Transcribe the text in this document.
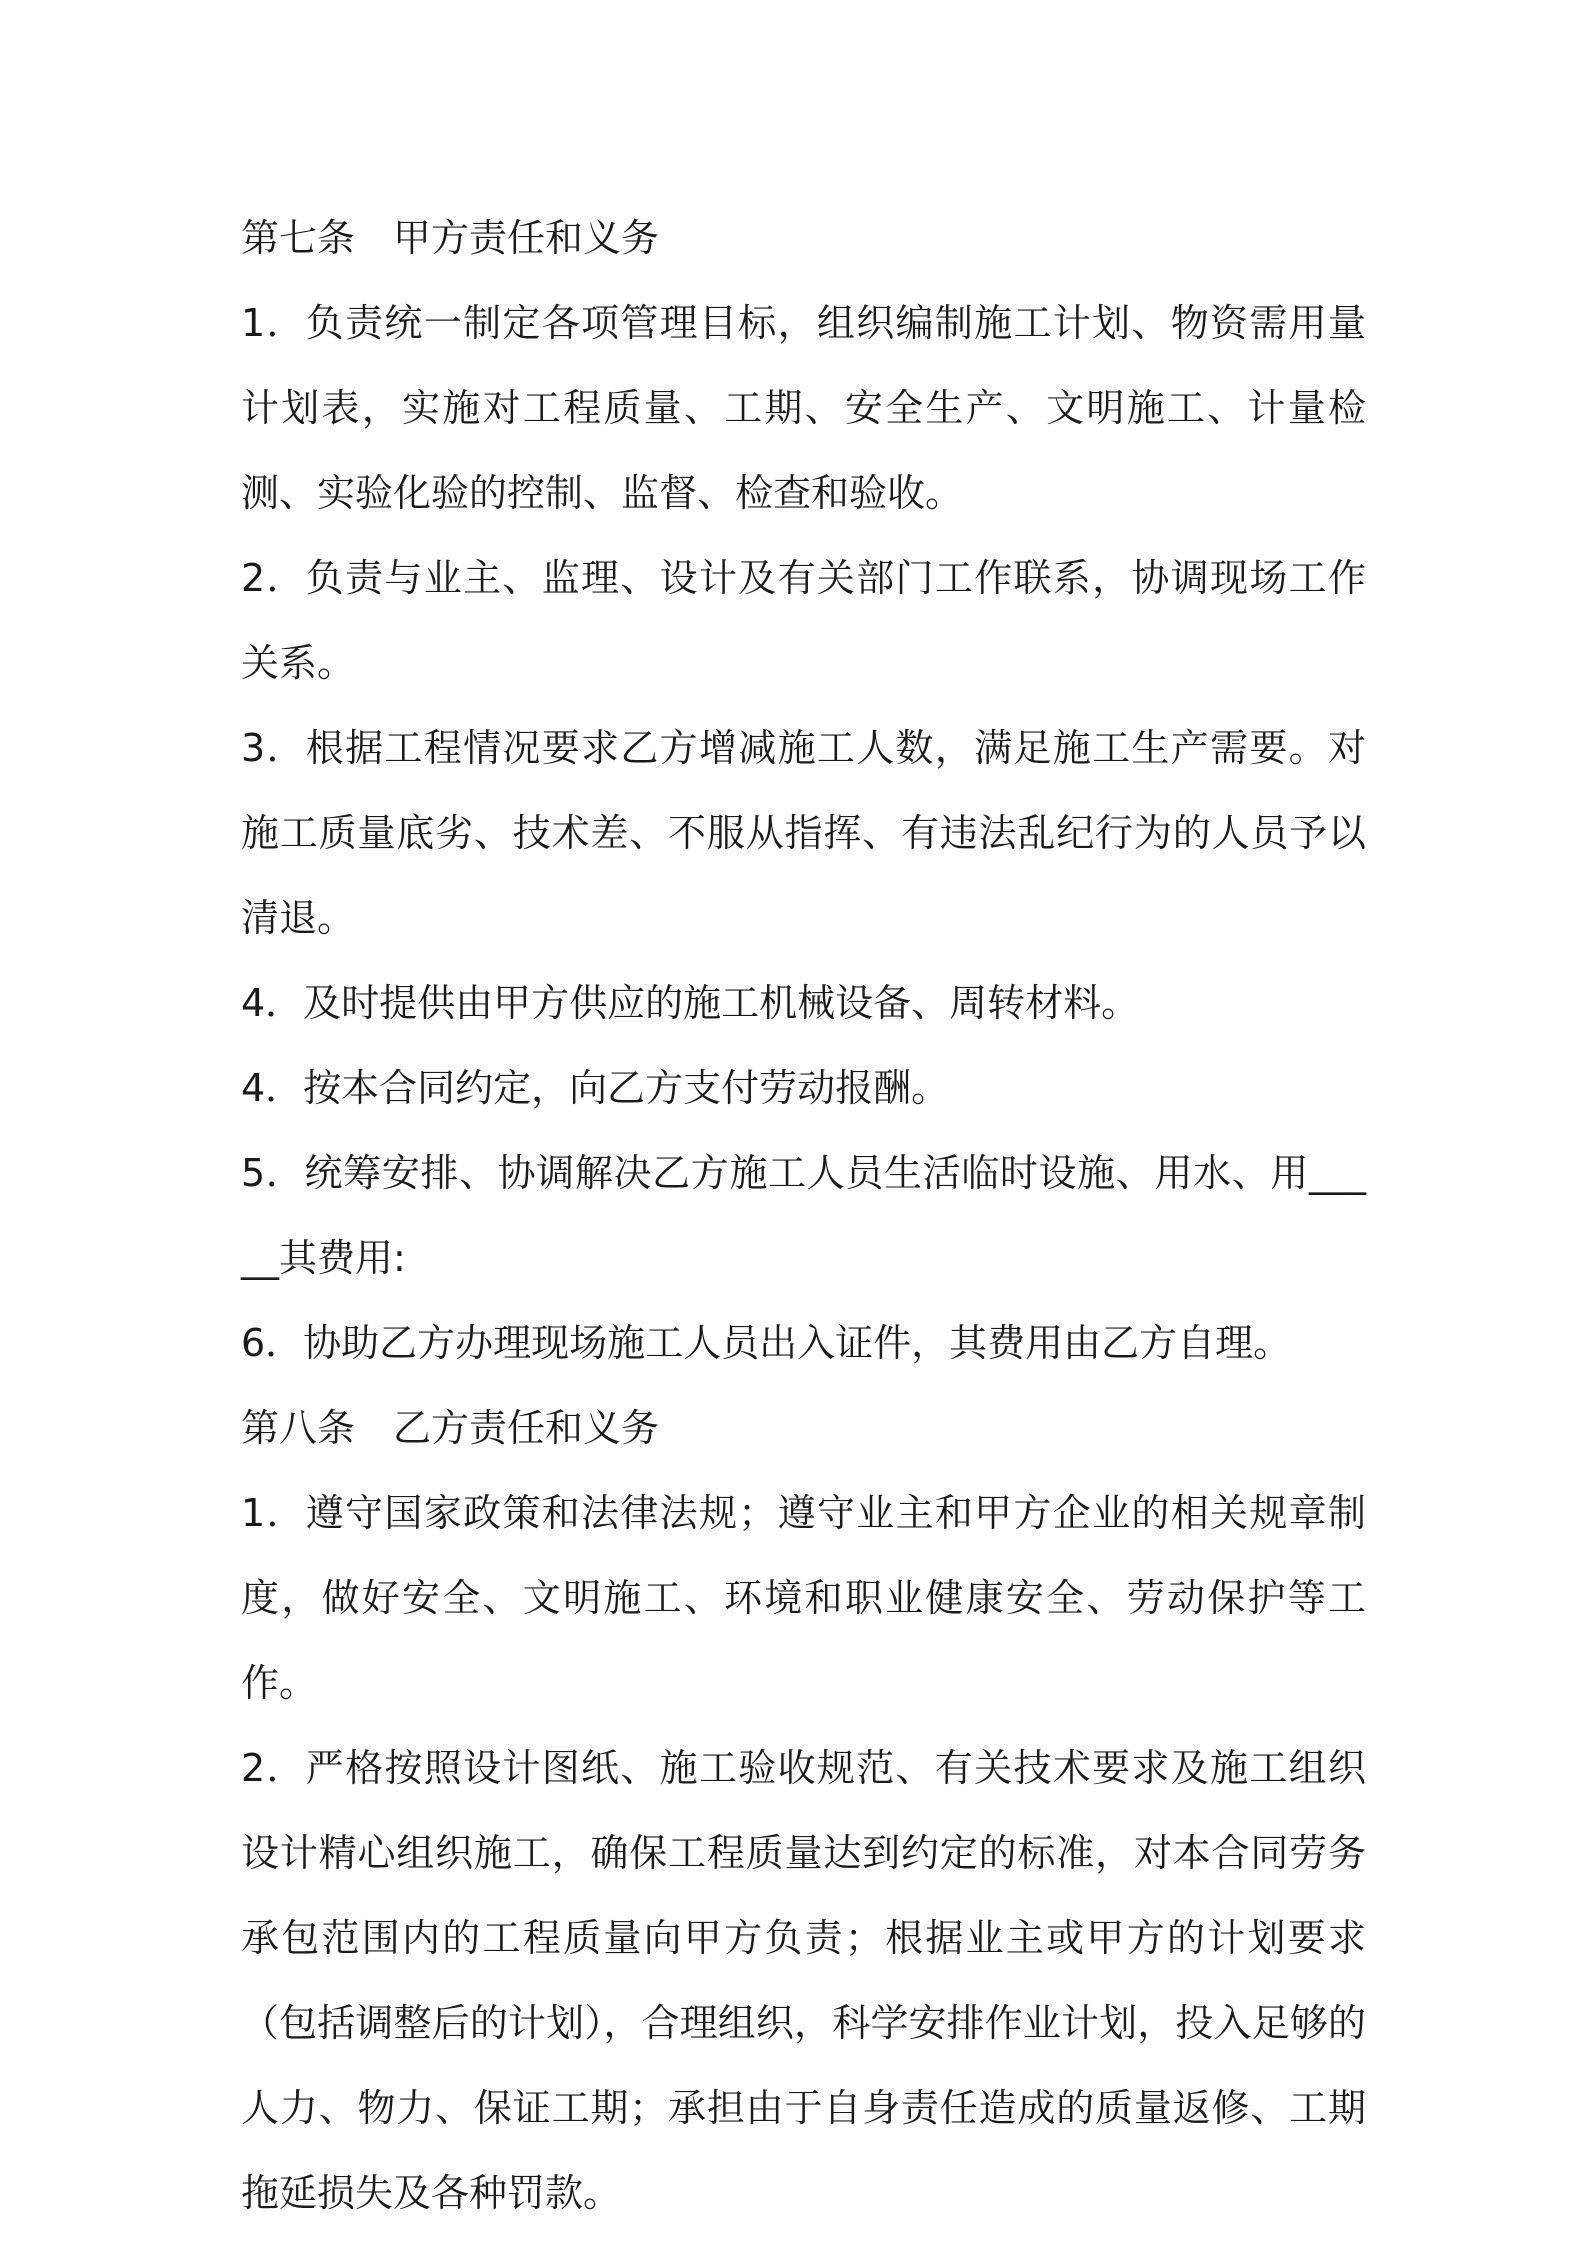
第七条　甲方责任和义务

1．负责统一制定各项管理目标，组织编制施工计划、物资需用量计划表，实施对工程质量、工期、安全生产、文明施工、计量检测、实验化验的控制、监督、检查和验收。

2．负责与业主、监理、设计及有关部门工作联系，协调现场工作关系。

3．根据工程情况要求乙方增减施工人数，满足施工生产需要。对施工质量底劣、技术差、不服从指挥、有违法乱纪行为的人员予以清退。

4．及时提供由甲方供应的施工机械设备、周转材料。

4．按本合同约定，向乙方支付劳动报酬。

5．统筹安排、协调解决乙方施工人员生活临时设施、用水、用_____其费用:

6．协助乙方办理现场施工人员出入证件，其费用由乙方自理。

第八条　乙方责任和义务

1．遵守国家政策和法律法规；遵守业主和甲方企业的相关规章制度，做好安全、文明施工、环境和职业健康安全、劳动保护等工作。

2．严格按照设计图纸、施工验收规范、有关技术要求及施工组织设计精心组织施工，确保工程质量达到约定的标准，对本合同劳务承包范围内的工程质量向甲方负责；根据业主或甲方的计划要求（包括调整后的计划），合理组织，科学安排作业计划，投入足够的人力、物力、保证工期；承担由于自身责任造成的质量返修、工期拖延损失及各种罚款。
